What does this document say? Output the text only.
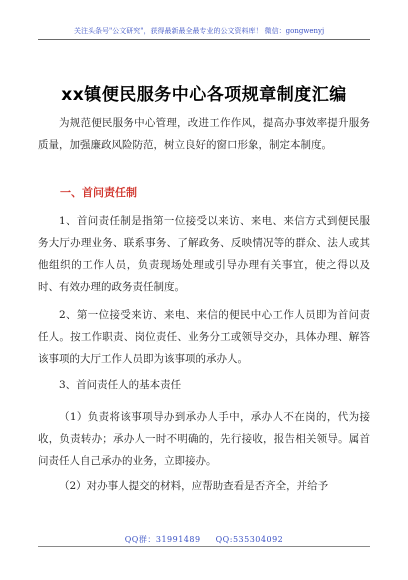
关注头条号"公文研究"，获得最新最全最专业的公文资料库！ 微信：gongwenyj
xx镇便民服务中心各项规章制度汇编

为规范便民服务中心管理，改进工作作风，提高办事效率提升服务质量，加强廉政风险防范，树立良好的窗口形象，制定本制度。

一、首问责任制

1、首问责任制是指第一位接受以来访、来电、来信方式到便民服务大厅办理业务、联系事务、了解政务、反映情况等的群众、法人或其他组织的工作人员，负责现场处理或引导办理有关事宜，使之得以及时、有效办理的政务责任制度。

2、第一位接受来访、来电、来信的便民中心工作人员即为首问责任人。按工作职责、岗位责任、业务分工或领导交办，具体办理、解答该事项的大厅工作人员即为该事项的承办人。

3、首问责任人的基本责任

（1）负责将该事项导办到承办人手中，承办人不在岗的，代为接收，负责转办；承办人一时不明确的，先行接收，报告相关领导。属首问责任人自己承办的业务，立即接办。

（2）对办事人提交的材料，应帮助查看是否齐全，并给予

QQ群：31991489 QQ:535304092
